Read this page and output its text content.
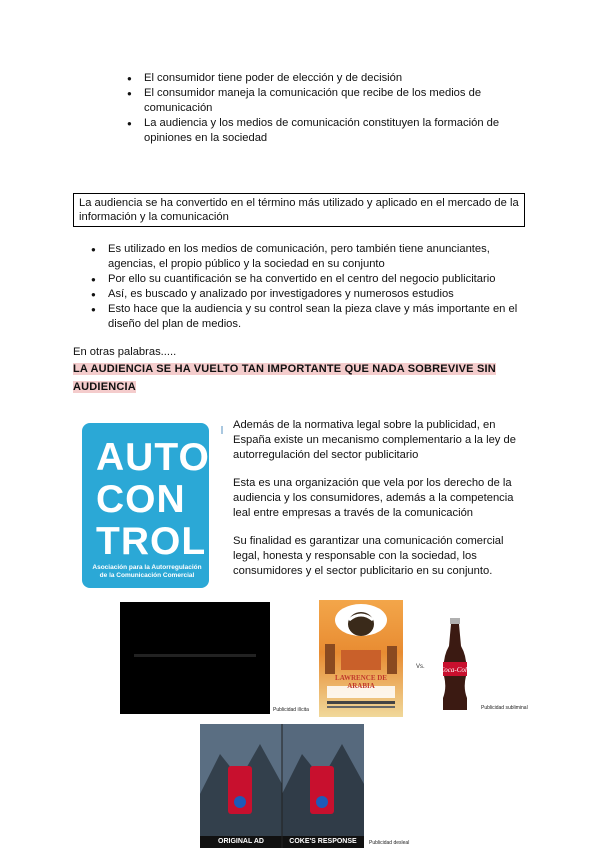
● El consumidor tiene poder de elección y de decisión
● El consumidor maneja la comunicación que recibe de los medios de comunicación
● La audiencia y los medios de comunicación constituyen la formación de opiniones en la sociedad
La audiencia se ha convertido en el término más utilizado y aplicado en el mercado de la información y la comunicación
● Es utilizado en los medios de comunicación, pero también tiene anunciantes, agencias, el propio público y la sociedad en su conjunto
● Por ello su cuantificación se ha convertido en el centro del negocio publicitario
● Así, es buscado y analizado por investigadores y numerosos estudios
● Esto hace que la audiencia y su control sean la pieza clave y más importante en el diseño del plan de medios.
En otras palabras.....
LA AUDIENCIA SE HA VUELTO TAN IMPORTANTE QUE NADA SOBREVIVE SIN AUDIENCIA
AUTO
CON
TROL
Asociación para la Autorregulación
de la Comunicación Comercial
Además de la normativa legal sobre la publicidad, en España existe un mecanismo complementario a la ley de autorregulación del sector publicitario
Esta es una organización que vela por los derecho de la audiencia y los consumidores, además a la competencia leal entre empresas a través de la comunicación
Su finalidad es garantizar una comunicación comercial legal, honesta y responsable con la sociedad, los consumidores y el sector publicitario en su conjunto.
Publicidad ilícita
LAWRENCE DE ARABIA
Vs. Coca-Cola
Publicidad subliminal
ORIGINAL AD	COKE'S RESPONSE	Publicidad desleal
